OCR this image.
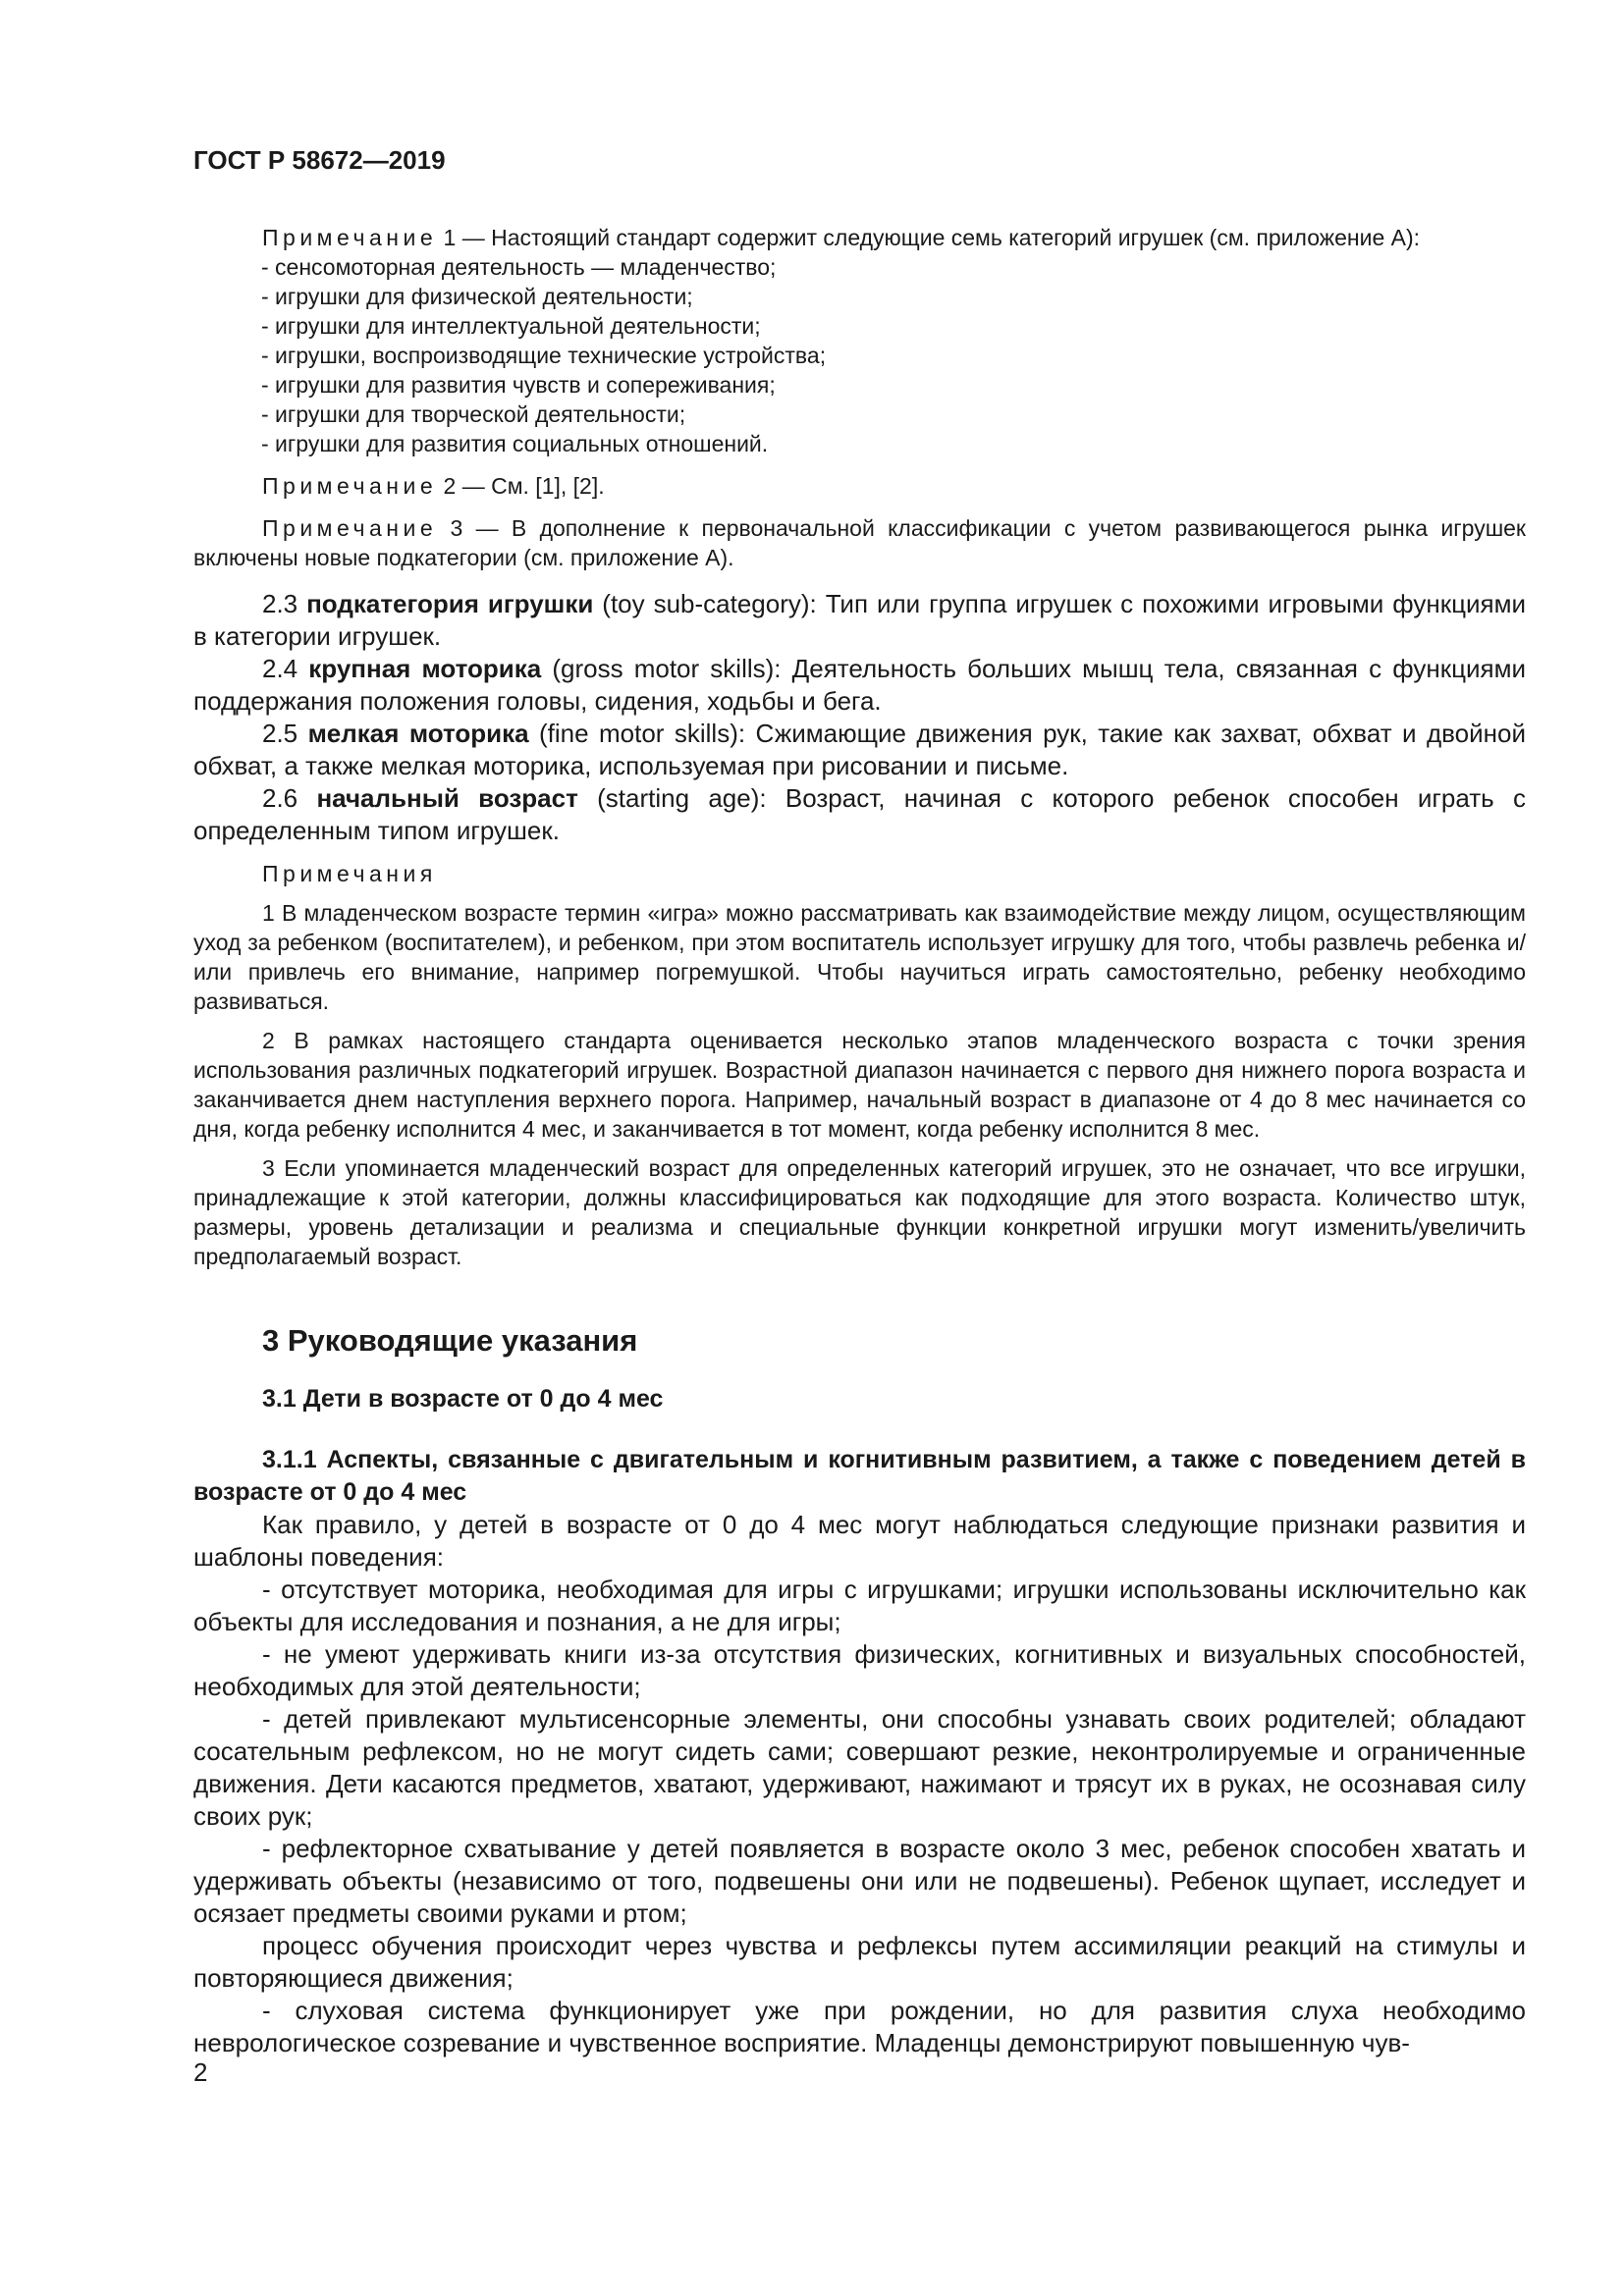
ГОСТ Р 58672—2019

Примечание 1 — Настоящий стандарт содержит следующие семь категорий игрушек (см. приложение А):

- сенсомоторная деятельность — младенчество;
- игрушки для физической деятельности;
- игрушки для интеллектуальной деятельности;
- игрушки, воспроизводящие технические устройства;
- игрушки для развития чувств и сопереживания;
- игрушки для творческой деятельности;
- игрушки для развития социальных отношений.

Примечание 2 — См. [1], [2].

Примечание 3 — В дополнение к первоначальной классификации с учетом развивающегося рынка игрушек включены новые подкатегории (см. приложение А).

2.3 подкатегория игрушки (toy sub-category): Тип или группа игрушек с похожими игровыми функциями в категории игрушек.

2.4 крупная моторика (gross motor skills): Деятельность больших мышц тела, связанная с функциями поддержания положения головы, сидения, ходьбы и бега.

2.5 мелкая моторика (fine motor skills): Сжимающие движения рук, такие как захват, обхват и двойной обхват, а также мелкая моторика, используемая при рисовании и письме.

2.6 начальный возраст (starting age): Возраст, начиная с которого ребенок способен играть с определенным типом игрушек.

Примечания

1 В младенческом возрасте термин «игра» можно рассматривать как взаимодействие между лицом, осуществляющим уход за ребенком (воспитателем), и ребенком, при этом воспитатель использует игрушку для того, чтобы развлечь ребенка и/или привлечь его внимание, например погремушкой. Чтобы научиться играть самостоятельно, ребенку необходимо развиваться.

2 В рамках настоящего стандарта оценивается несколько этапов младенческого возраста с точки зрения использования различных подкатегорий игрушек. Возрастной диапазон начинается с первого дня нижнего порога возраста и заканчивается днем наступления верхнего порога. Например, начальный возраст в диапазоне от 4 до 8 мес начинается со дня, когда ребенку исполнится 4 мес, и заканчивается в тот момент, когда ребенку исполнится 8 мес.

3 Если упоминается младенческий возраст для определенных категорий игрушек, это не означает, что все игрушки, принадлежащие к этой категории, должны классифицироваться как подходящие для этого возраста. Количество штук, размеры, уровень детализации и реализма и специальные функции конкретной игрушки могут изменить/увеличить предполагаемый возраст.

3 Руководящие указания
3.1 Дети в возрасте от 0 до 4 мес
3.1.1 Аспекты, связанные с двигательным и когнитивным развитием, а также с поведением детей в возрасте от 0 до 4 мес

Как правило, у детей в возрасте от 0 до 4 мес могут наблюдаться следующие признаки развития и шаблоны поведения:

- отсутствует моторика, необходимая для игры с игрушками; игрушки использованы исключительно как объекты для исследования и познания, а не для игры;

- не умеют удерживать книги из-за отсутствия физических, когнитивных и визуальных способностей, необходимых для этой деятельности;

- детей привлекают мультисенсорные элементы, они способны узнавать своих родителей; обладают сосательным рефлексом, но не могут сидеть сами; совершают резкие, неконтролируемые и ограниченные движения. Дети касаются предметов, хватают, удерживают, нажимают и трясут их в руках, не осознавая силу своих рук;

- рефлекторное схватывание у детей появляется в возрасте около 3 мес, ребенок способен хватать и удерживать объекты (независимо от того, подвешены они или не подвешены). Ребенок щупает, исследует и осязает предметы своими руками и ртом;

процесс обучения происходит через чувства и рефлексы путем ассимиляции реакций на стимулы и повторяющиеся движения;

- слуховая система функционирует уже при рождении, но для развития слуха необходимо неврологическое созревание и чувственное восприятие. Младенцы демонстрируют повышенную чув-

2
